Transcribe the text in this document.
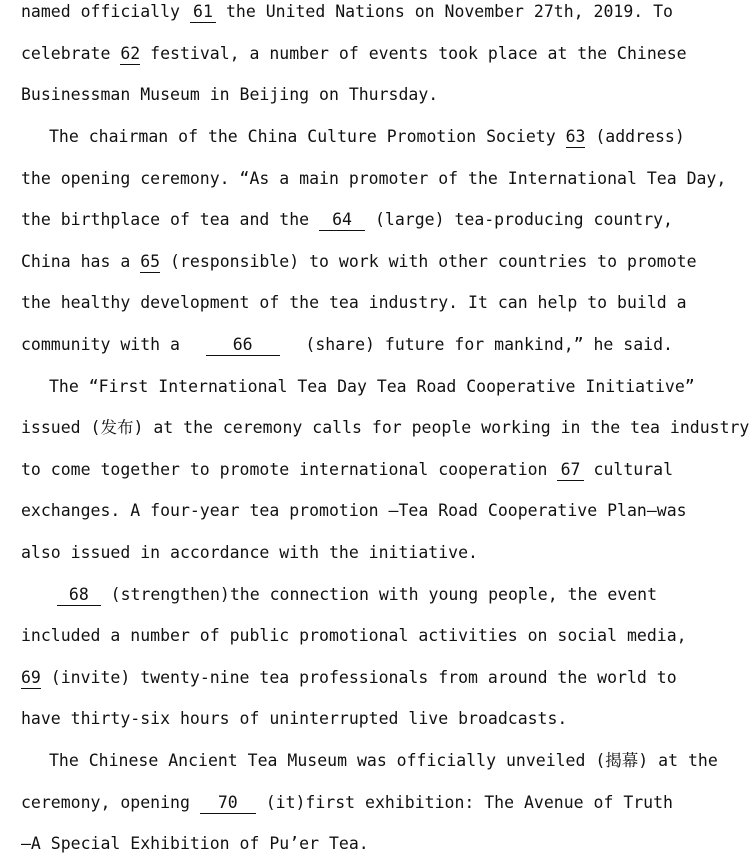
named officially 61 the United Nations on November 27th, 2019. To
celebrate 62 festival, a number of events took place at the Chinese
Businessman Museum in Beijing on Thursday.
The chairman of the China Culture Promotion Society 63 (address)
the opening ceremony. “As a main promoter of the International Tea Day,
the birthplace of tea and the 64 (large) tea-producing country,
China has a 65 (responsible) to work with other countries to promote
the healthy development of the tea industry. It can help to build a
community with a	66	(share) future for mankind,” he said.
The “First International Tea Day Tea Road Cooperative Initiative”
issued (发布) at the ceremony calls for people working in the tea industry
to come together to promote international cooperation 67 cultural
exchanges. A four-year tea promotion —Tea Road Cooperative Plan—was
also issued in accordance with the initiative.
68 (strengthen)the connection with young people, the event
included a number of public promotional activities on social media,
69 (invite) twenty-nine tea professionals from around the world to
have thirty-six hours of uninterrupted live broadcasts.
The Chinese Ancient Tea Museum was officially unveiled (揭幕) at the
ceremony, opening	70	(it)first exhibition: The Avenue of Truth
—A Special Exhibition of Pu’er Tea.
